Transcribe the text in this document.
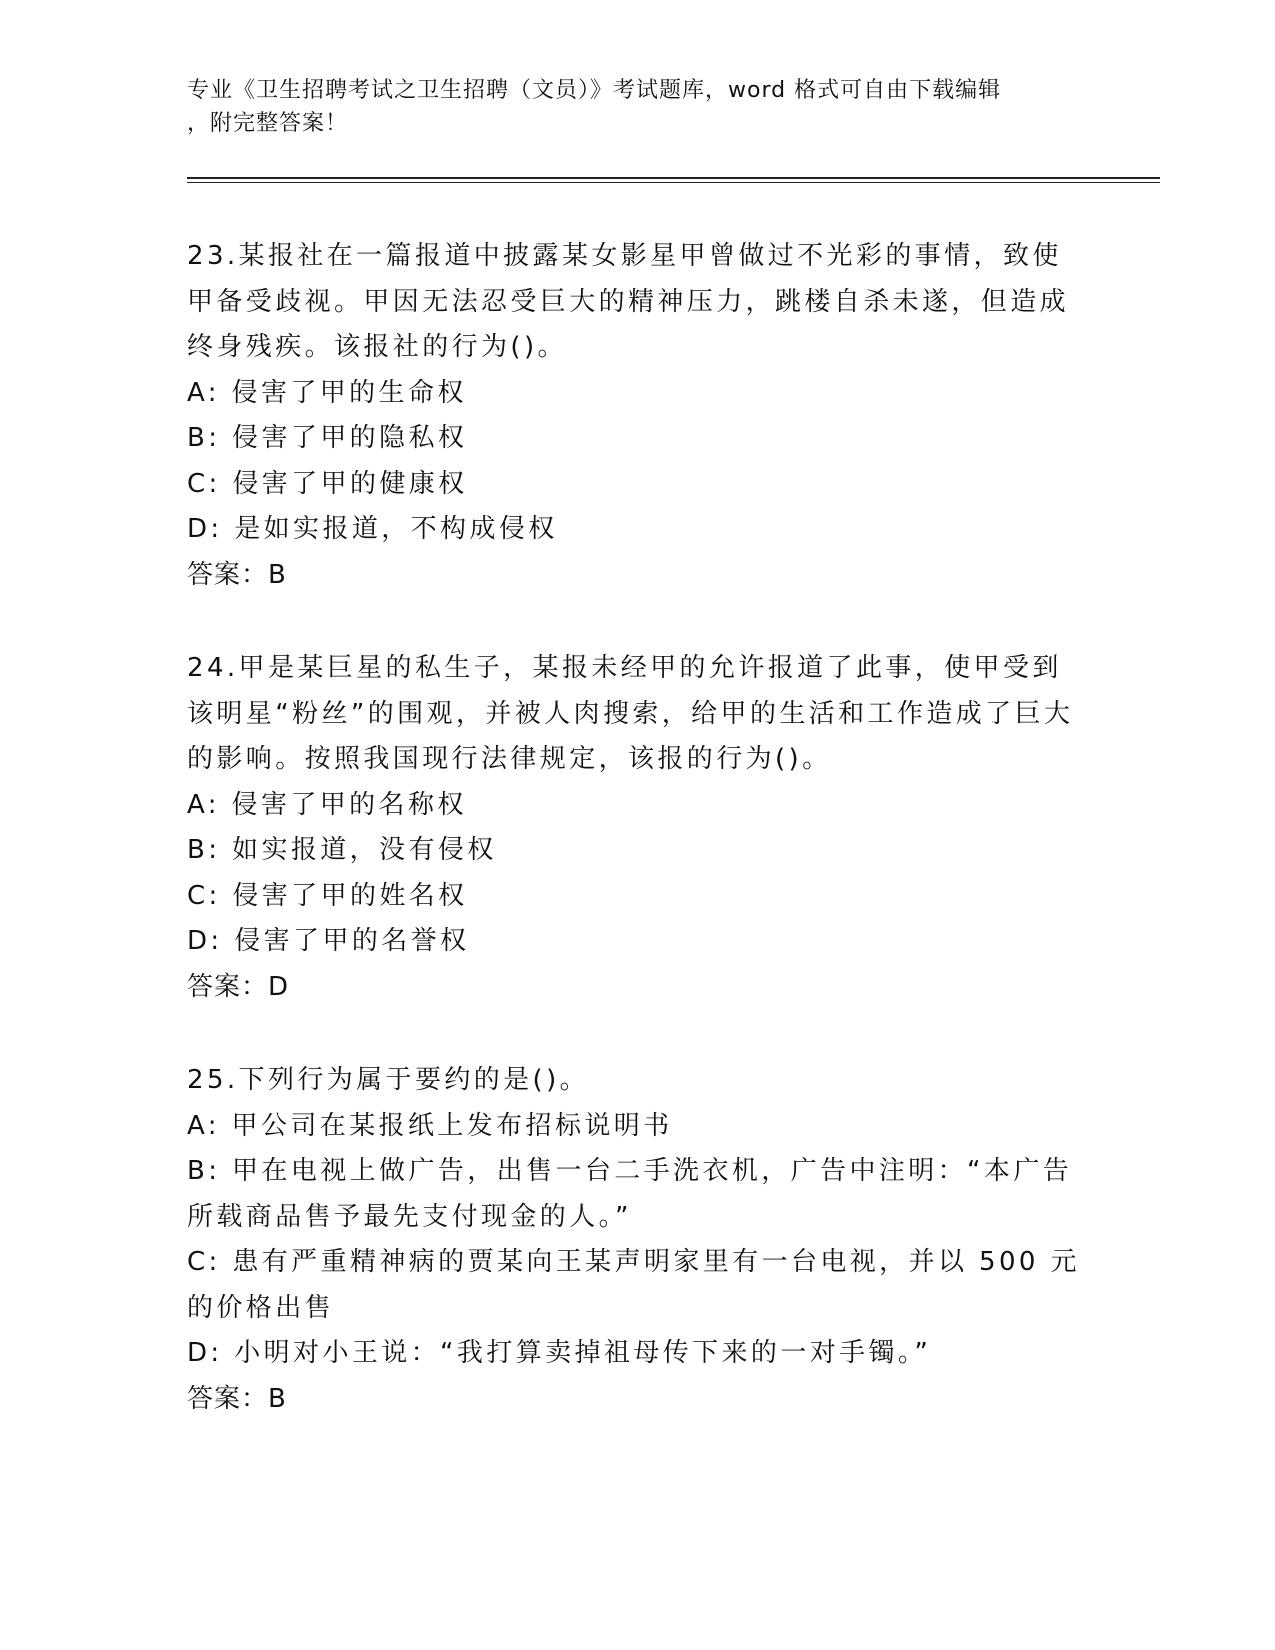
专业《卫生招聘考试之卫生招聘（文员）》考试题库，word 格式可自由下载编辑
，附完整答案！
23.某报社在一篇报道中披露某女影星甲曾做过不光彩的事情，致使甲备受歧视。甲因无法忍受巨大的精神压力，跳楼自杀未遂，但造成终身残疾。该报社的行为()。
A: 侵害了甲的生命权
B: 侵害了甲的隐私权
C: 侵害了甲的健康权
D: 是如实报道，不构成侵权
答案：B
24.甲是某巨星的私生子，某报未经甲的允许报道了此事，使甲受到该明星“粉丝”的围观，并被人肉搜索，给甲的生活和工作造成了巨大的影响。按照我国现行法律规定，该报的行为()。
A: 侵害了甲的名称权
B: 如实报道，没有侵权
C: 侵害了甲的姓名权
D: 侵害了甲的名誉权
答案：D
25.下列行为属于要约的是()。
A: 甲公司在某报纸上发布招标说明书
B: 甲在电视上做广告，出售一台二手洗衣机，广告中注明：“本广告所载商品售予最先支付现金的人。”
C: 患有严重精神病的贾某向王某声明家里有一台电视，并以 500 元的价格出售
D: 小明对小王说：“我打算卖掉祖母传下来的一对手镯。”
答案：B
